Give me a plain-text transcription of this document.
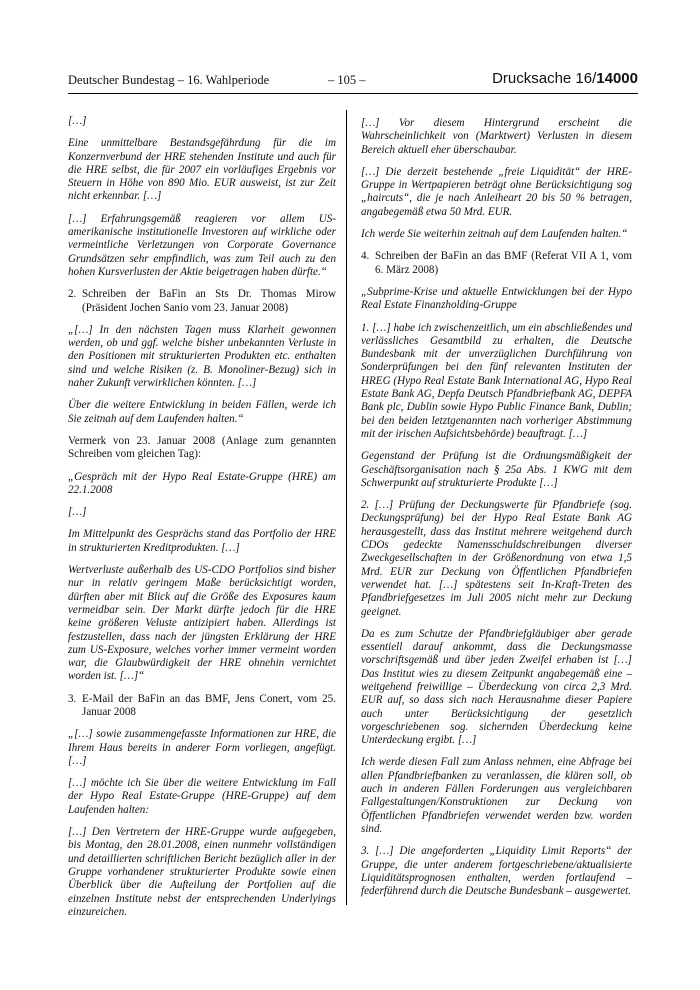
Deutscher Bundestag – 16. Wahlperiode	– 105 –	Drucksache 16/14000

[…]

Eine unmittelbare Bestandsgefährdung für die im Konzernverbund der HRE stehenden Institute und auch für die HRE selbst, die für 2007 ein vorläufiges Ergebnis vor Steuern in Höhe von 890 Mio. EUR ausweist, ist zur Zeit nicht erkennbar. […]

[…] Erfahrungsgemäß reagieren vor allem US-amerikanische institutionelle Investoren auf wirkliche oder vermeintliche Verletzungen von Corporate Governance Grundsätzen sehr empfindlich, was zum Teil auch zu den hohen Kursverlusten der Aktie beigetragen haben dürfte.“

2. Schreiben der BaFin an Sts Dr. Thomas Mirow (Präsident Jochen Sanio vom 23. Januar 2008)

„[…] In den nächsten Tagen muss Klarheit gewonnen werden, ob und ggf. welche bisher unbekannten Verluste in den Positionen mit strukturierten Produkten etc. enthalten sind und welche Risiken (z. B. Monoliner-Bezug) sich in naher Zukunft verwirklichen könnten. […]

Über die weitere Entwicklung in beiden Fällen, werde ich Sie zeitnah auf dem Laufenden halten.“

Vermerk von 23. Januar 2008 (Anlage zum genannten Schreiben vom gleichen Tag):

„Gespräch mit der Hypo Real Estate-Gruppe (HRE) am 22.1.2008

[…]

Im Mittelpunkt des Gesprächs stand das Portfolio der HRE in strukturierten Kreditprodukten. […]

Wertverluste außerhalb des US-CDO Portfolios sind bisher nur in relativ geringem Maße berücksichtigt worden, dürften aber mit Blick auf die Größe des Exposures kaum vermeidbar sein. Der Markt dürfte jedoch für die HRE keine größeren Veluste antizipiert haben. Allerdings ist festzustellen, dass nach der jüngsten Erklärung der HRE zum US-Exposure, welches vorher immer vermeint worden war, die Glaubwürdigkeit der HRE ohnehin vernichtet worden ist. […]“

3. E-Mail der BaFin an das BMF, Jens Conert, vom 25. Januar 2008

„[…] sowie zusammengefasste Informationen zur HRE, die Ihrem Haus bereits in anderer Form vorliegen, angefügt. […]

[…] möchte ich Sie über die weitere Entwicklung im Fall der Hypo Real Estate-Gruppe (HRE-Gruppe) auf dem Laufenden halten:

[…] Den Vertretern der HRE-Gruppe wurde aufgegeben, bis Montag, den 28.01.2008, einen nunmehr vollständigen und detaillierten schriftlichen Bericht bezüglich aller in der Gruppe vorhandener strukturierter Produkte sowie einen Überblick über die Aufteilung der Portfolien auf die einzelnen Institute nebst der entsprechenden Underlyings einzureichen.

[…] Vor diesem Hintergrund erscheint die Wahrscheinlichkeit von (Marktwert) Verlusten in diesem Bereich aktuell eher überschaubar.

[…] Die derzeit bestehende „freie Liquidität“ der HRE-Gruppe in Wertpapieren beträgt ohne Berücksichtigung sog „haircuts“, die je nach Anleiheart 20 bis 50 % betragen, angabegemäß etwa 50 Mrd. EUR.

Ich werde Sie weiterhin zeitnah auf dem Laufenden halten.“

4. Schreiben der BaFin an das BMF (Referat VII A 1, vom 6. März 2008)

„Subprime-Krise und aktuelle Entwicklungen bei der Hypo Real Estate Finanzholding-Gruppe

1. […] habe ich zwischenzeitlich, um ein abschließendes und verlässliches Gesamtbild zu erhalten, die Deutsche Bundesbank mit der unverzüglichen Durchführung von Sonderprüfungen bei den fünf relevanten Instituten der HREG (Hypo Real Estate Bank International AG, Hypo Real Estate Bank AG, Depfa Deutsch Pfandbriefbank AG, DEPFA Bank plc, Dublin sowie Hypo Public Finance Bank, Dublin; bei den beiden letztgenannten nach vorheriger Abstimmung mit der irischen Aufsichtsbehörde) beauftragt. […]

Gegenstand der Prüfung ist die Ordnungsmäßigkeit der Geschäftsorganisation nach § 25a Abs. 1 KWG mit dem Schwerpunkt auf strukturierte Produkte […]

2. […] Prüfung der Deckungswerte für Pfandbriefe (sog. Deckungsprüfung) bei der Hypo Real Estate Bank AG herausgestellt, dass das Institut mehrere weitgehend durch CDOs gedeckte Namensschuldschreibungen diverser Zweckgesellschaften in der Größenordnung von etwa 1,5 Mrd. EUR zur Deckung von Öffentlichen Pfandbriefen verwendet hat. […] spätestens seit In-Kraft-Treten des Pfandbriefgesetzes im Juli 2005 nicht mehr zur Deckung geeignet.

Da es zum Schutze der Pfandbriefgläubiger aber gerade essentiell darauf ankommt, dass die Deckungsmasse vorschriftsgemäß und über jeden Zweifel erhaben ist […] Das Institut wies zu diesem Zeitpunkt angabegemäß eine – weitgehend freiwillige – Überdeckung von circa 2,3 Mrd. EUR auf, so dass sich nach Herausnahme dieser Papiere auch unter Berücksichtigung der gesetzlich vorgeschriebenen sog. sichernden Überdeckung keine Unterdeckung ergibt. […]

Ich werde diesen Fall zum Anlass nehmen, eine Abfrage bei allen Pfandbriefbanken zu veranlassen, die klären soll, ob auch in anderen Fällen Forderungen aus vergleichbaren Fallgestaltungen/Konstruktionen zur Deckung von Öffentlichen Pfandbriefen verwendet werden bzw. worden sind.

3. […] Die angeforderten „Liquidity Limit Reports“ der Gruppe, die unter anderem fortgeschriebene/aktualisierte Liquiditätsprognosen enthalten, werden fortlaufend – federführend durch die Deutsche Bundesbank – ausgewertet.
